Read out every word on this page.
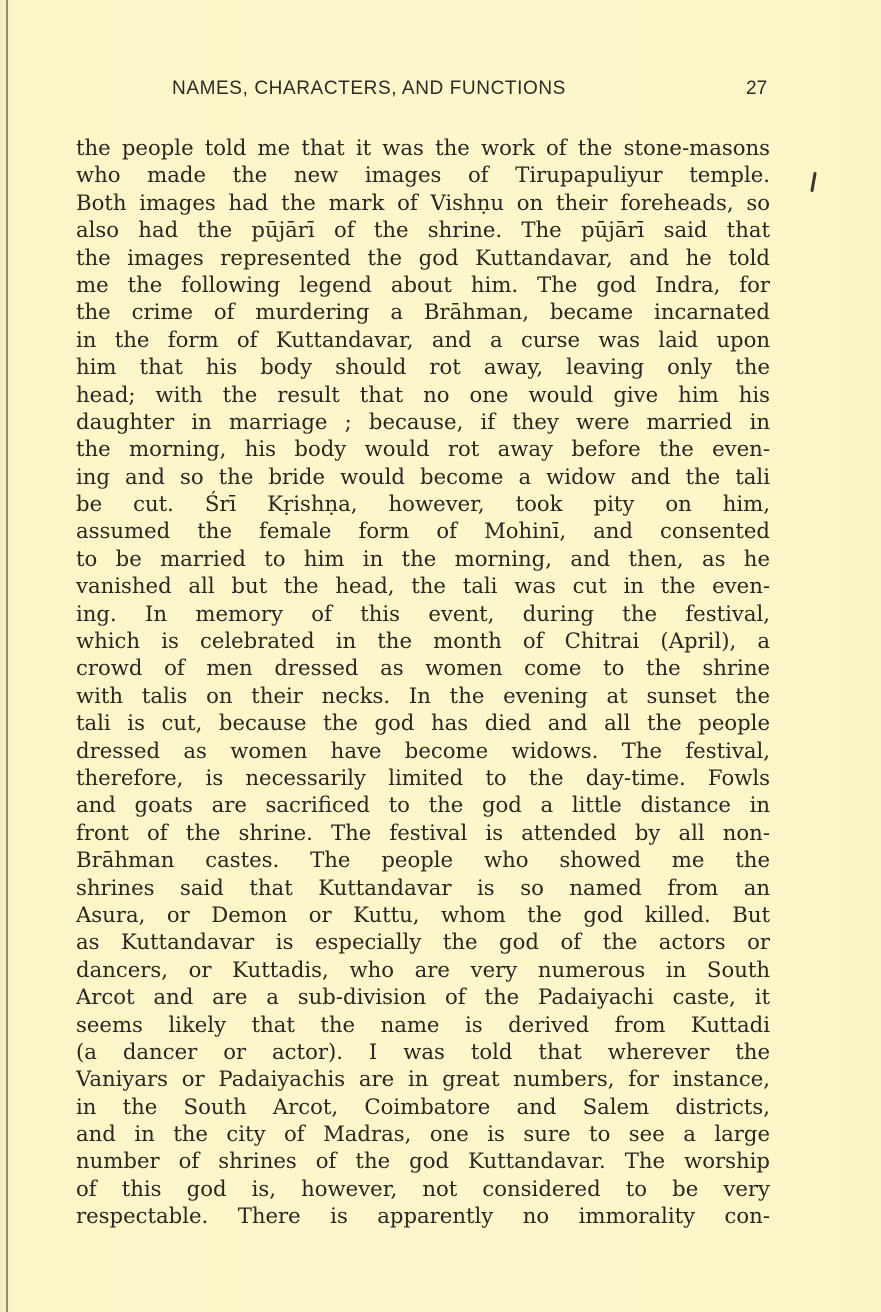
NAMES, CHARACTERS, AND FUNCTIONS	27
the people told me that it was the work of the stone-masons
who made the new images of Tirupapuliyur temple.
Both images had the mark of Vishṇu on their foreheads, so
also had the pūjārī of the shrine. The pūjārī said that
the images represented the god Kuttandavar, and he told
me the following legend about him. The god Indra, for
the crime of murdering a Brāhman, became incarnated
in the form of Kuttandavar, and a curse was laid upon
him that his body should rot away, leaving only the
head; with the result that no one would give him his
daughter in marriage ; because, if they were married in
the morning, his body would rot away before the even-
ing and so the bride would become a widow and the tali
be cut. Śrī Kṛishṇa, however, took pity on him,
assumed the female form of Mohinī, and consented
to be married to him in the morning, and then, as he
vanished all but the head, the tali was cut in the even-
ing. In memory of this event, during the festival,
which is celebrated in the month of Chitrai (April), a
crowd of men dressed as women come to the shrine
with talis on their necks. In the evening at sunset the
tali is cut, because the god has died and all the people
dressed as women have become widows. The festival,
therefore, is necessarily limited to the day-time. Fowls
and goats are sacrificed to the god a little distance in
front of the shrine. The festival is attended by all non-
Brāhman castes. The people who showed me the
shrines said that Kuttandavar is so named from an
Asura, or Demon or Kuttu, whom the god killed. But
as Kuttandavar is especially the god of the actors or
dancers, or Kuttadis, who are very numerous in South
Arcot and are a sub-division of the Padaiyachi caste, it
seems likely that the name is derived from Kuttadi
(a dancer or actor). I was told that wherever the
Vaniyars or Padaiyachis are in great numbers, for instance,
in the South Arcot, Coimbatore and Salem districts,
and in the city of Madras, one is sure to see a large
number of shrines of the god Kuttandavar. The worship
of this god is, however, not considered to be very
respectable. There is apparently no immorality con-
